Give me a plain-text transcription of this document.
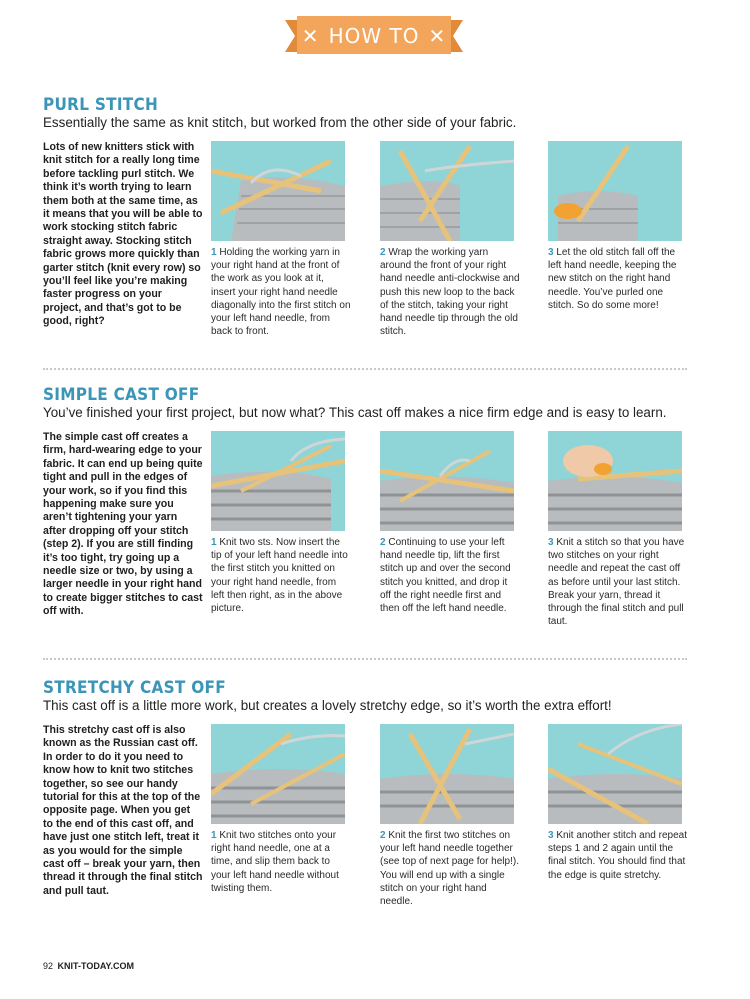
✕ HOW TO ✕
PURL STITCH
Essentially the same as knit stitch, but worked from the other side of your fabric.
Lots of new knitters stick with knit stitch for a really long time before tackling purl stitch. We think it’s worth trying to learn them both at the same time, as it means that you will be able to work stocking stitch fabric straight away. Stocking stitch fabric grows more quickly than garter stitch (knit every row) so you’ll feel like you’re making faster progress on your project, and that’s got to be good, right?
1 Holding the working yarn in your right hand at the front of the work as you look at it, insert your right hand needle diagonally into the first stitch on your left hand needle, from back to front.
2 Wrap the working yarn around the front of your right hand needle anti-clockwise and push this new loop to the back of the stitch, taking your right hand needle tip through the old stitch.
3 Let the old stitch fall off the left hand needle, keeping the new stitch on the right hand needle. You’ve purled one stitch. So do some more!
SIMPLE CAST OFF
You’ve finished your first project, but now what? This cast off makes a nice firm edge and is easy to learn.
The simple cast off creates a firm, hard-wearing edge to your fabric. It can end up being quite tight and pull in the edges of your work, so if you find this happening make sure you aren’t tightening your yarn after dropping off your stitch (step 2). If you are still finding it’s too tight, try going up a needle size or two, by using a larger needle in your right hand to create bigger stitches to cast off with.
1 Knit two sts. Now insert the tip of your left hand needle into the first stitch you knitted on your right hand needle, from left then right, as in the above picture.
2 Continuing to use your left hand needle tip, lift the first stitch up and over the second stitch you knitted, and drop it off the right needle first and then off the left hand needle.
3 Knit a stitch so that you have two stitches on your right needle and repeat the cast off as before until your last stitch. Break your yarn, thread it through the final stitch and pull taut.
STRETCHY CAST OFF
This cast off is a little more work, but creates a lovely stretchy edge, so it’s worth the extra effort!
This stretchy cast off is also known as the Russian cast off. In order to do it you need to know how to knit two stitches together, so see our handy tutorial for this at the top of the opposite page. When you get to the end of this cast off, and have just one stitch left, treat it as you would for the simple cast off – break your yarn, then thread it through the final stitch and pull taut.
1 Knit two stitches onto your right hand needle, one at a time, and slip them back to your left hand needle without twisting them.
2 Knit the first two stitches on your left hand needle together (see top of next page for help!). You will end up with a single stitch on your right hand needle.
3 Knit another stitch and repeat steps 1 and 2 again until the final stitch. You should find that the edge is quite stretchy.
92 KNIT-TODAY.COM
